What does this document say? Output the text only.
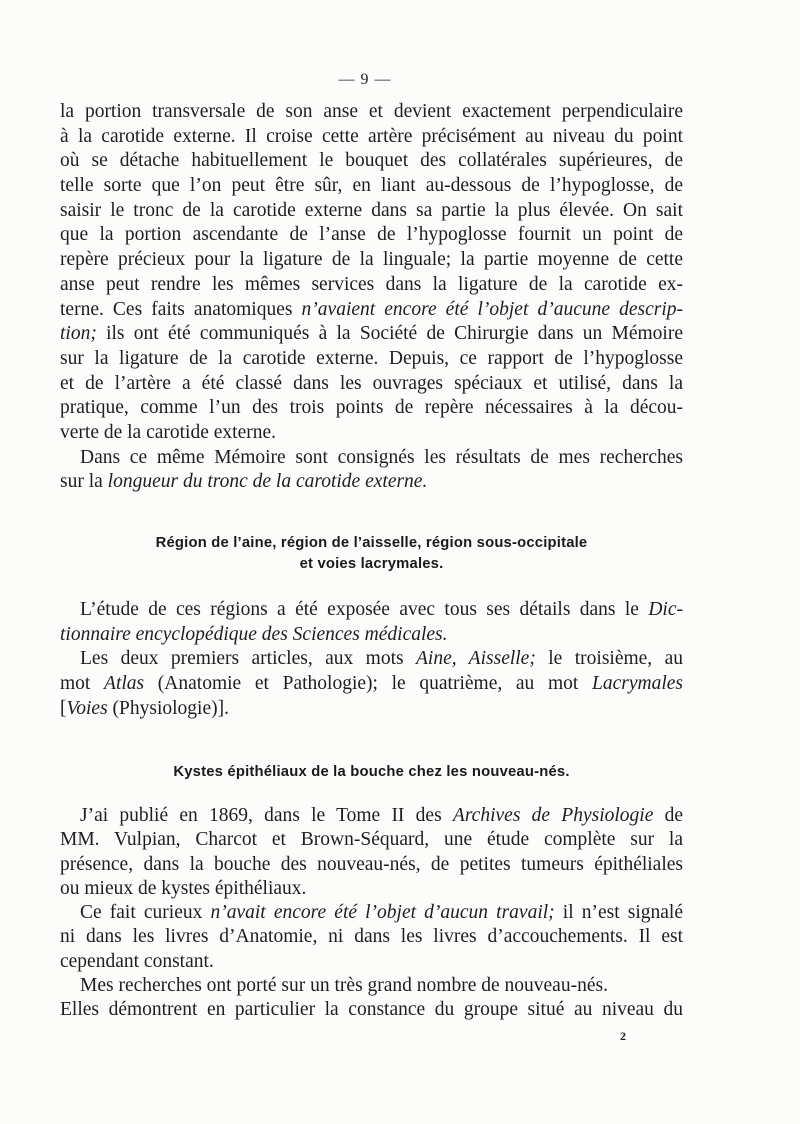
— 9 —
la portion transversale de son anse et devient exactement perpendiculaire
à la carotide externe. Il croise cette artère précisément au niveau du point
où se détache habituellement le bouquet des collatérales supérieures, de
telle sorte que l’on peut être sûr, en liant au-dessous de l’hypoglosse, de
saisir le tronc de la carotide externe dans sa partie la plus élevée. On sait
que la portion ascendante de l’anse de l’hypoglosse fournit un point de
repère précieux pour la ligature de la linguale; la partie moyenne de cette
anse peut rendre les mêmes services dans la ligature de la carotide ex-
terne. Ces faits anatomiques n’avaient encore été l’objet d’aucune descrip-
tion; ils ont été communiqués à la Société de Chirurgie dans un Mémoire
sur la ligature de la carotide externe. Depuis, ce rapport de l’hypoglosse
et de l’artère a été classé dans les ouvrages spéciaux et utilisé, dans la
pratique, comme l’un des trois points de repère nécessaires à la décou-
verte de la carotide externe.
Dans ce même Mémoire sont consignés les résultats de mes recherches
sur la longueur du tronc de la carotide externe.
Région de l’aine, région de l’aisselle, région sous-occipitale
et voies lacrymales.
L’étude de ces régions a été exposée avec tous ses détails dans le Dic-
tionnaire encyclopédique des Sciences médicales.
Les deux premiers articles, aux mots Aine, Aisselle; le troisième, au
mot Atlas (Anatomie et Pathologie); le quatrième, au mot Lacrymales
[Voies (Physiologie)].
Kystes épithéliaux de la bouche chez les nouveau-nés.
J’ai publié en 1869, dans le Tome II des Archives de Physiologie de
MM. Vulpian, Charcot et Brown-Séquard, une étude complète sur la
présence, dans la bouche des nouveau-nés, de petites tumeurs épithéliales
ou mieux de kystes épithéliaux.
Ce fait curieux n’avait encore été l’objet d’aucun travail; il n’est signalé
ni dans les livres d’Anatomie, ni dans les livres d’accouchements. Il est
cependant constant.
Mes recherches ont porté sur un très grand nombre de nouveau-nés.
Elles démontrent en particulier la constance du groupe situé au niveau du
2
